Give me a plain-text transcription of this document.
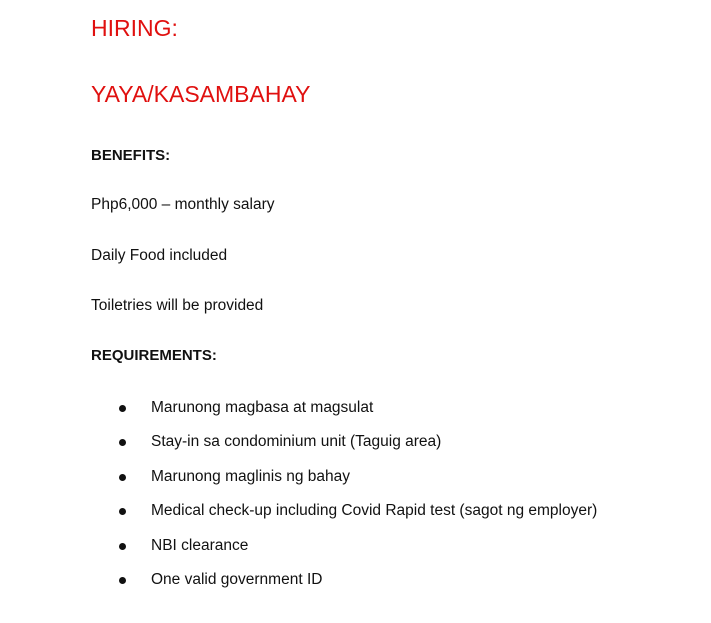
HIRING:
YAYA/KASAMBAHAY

BENEFITS:

Php6,000 – monthly salary

Daily Food included

Toiletries will be provided

REQUIREMENTS:

Marunong magbasa at magsulat
Stay-in sa condominium unit (Taguig area)
Marunong maglinis ng bahay
Medical check-up including Covid Rapid test (sagot ng employer)
NBI clearance
One valid government ID
